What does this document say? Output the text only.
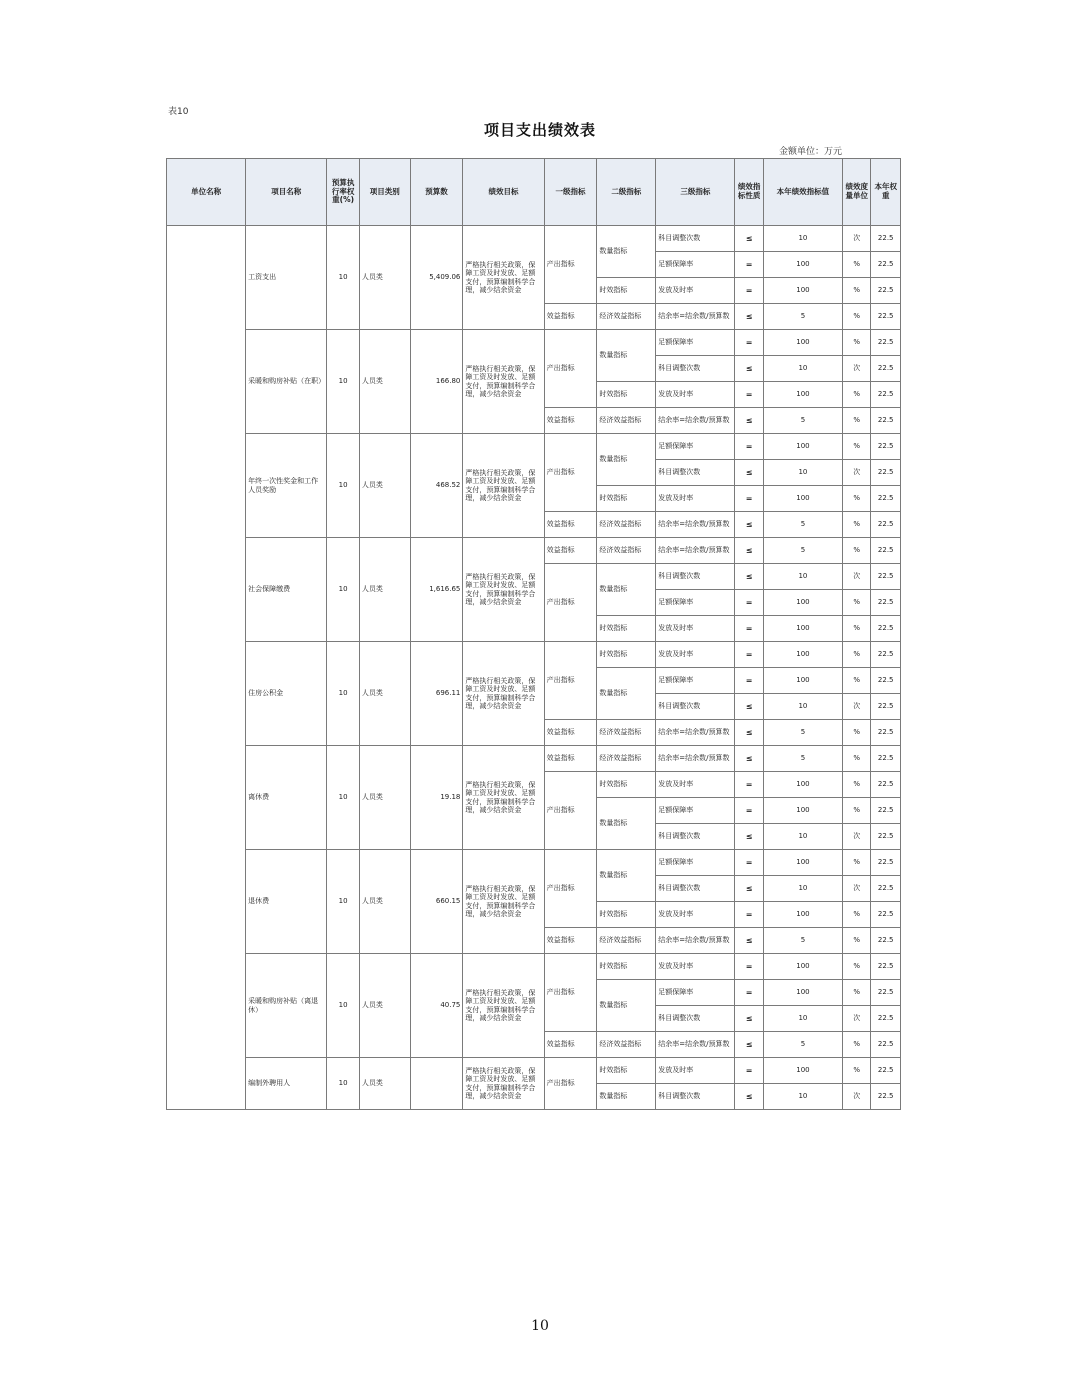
表10
项目支出绩效表
金额单位：万元
单位名称	项目名称	预算执行率权重(%)	项目类别	预算数	绩效目标	一级指标	二级指标	三级指标	绩效指标性质	本年绩效指标值	绩效度量单位	本年权重
	工资支出	10	人员类	5,409.06	严格执行相关政策，保障工资及时发放、足额支付，预算编制科学合理，减少结余资金	产出指标	数量指标	科目调整次数	≤	10	次	22.5
								足额保障率	=	100	%	22.5
							时效指标	发放及时率	=	100	%	22.5
						效益指标	经济效益指标	结余率=结余数/预算数	≤	5	%	22.5
	采暖和购房补贴（在职）	10	人员类	166.80	严格执行相关政策，保障工资及时发放、足额支付，预算编制科学合理，减少结余资金	产出指标	数量指标	足额保障率	=	100	%	22.5
								科目调整次数	≤	10	次	22.5
							时效指标	发放及时率	=	100	%	22.5
						效益指标	经济效益指标	结余率=结余数/预算数	≤	5	%	22.5
	年终一次性奖金和工作人员奖励	10	人员类	468.52	严格执行相关政策，保障工资及时发放、足额支付，预算编制科学合理，减少结余资金	产出指标	数量指标	足额保障率	=	100	%	22.5
								科目调整次数	≤	10	次	22.5
							时效指标	发放及时率	=	100	%	22.5
						效益指标	经济效益指标	结余率=结余数/预算数	≤	5	%	22.5
	社会保障缴费	10	人员类	1,616.65	严格执行相关政策，保障工资及时发放、足额支付，预算编制科学合理，减少结余资金	效益指标	经济效益指标	结余率=结余数/预算数	≤	5	%	22.5
						产出指标	数量指标	科目调整次数	≤	10	次	22.5
								足额保障率	=	100	%	22.5
							时效指标	发放及时率	=	100	%	22.5
	住房公积金	10	人员类	696.11	严格执行相关政策，保障工资及时发放、足额支付，预算编制科学合理，减少结余资金	产出指标	时效指标	发放及时率	=	100	%	22.5
							数量指标	足额保障率	=	100	%	22.5
								科目调整次数	≤	10	次	22.5
						效益指标	经济效益指标	结余率=结余数/预算数	≤	5	%	22.5
	离休费	10	人员类	19.18	严格执行相关政策，保障工资及时发放、足额支付，预算编制科学合理，减少结余资金	效益指标	经济效益指标	结余率=结余数/预算数	≤	5	%	22.5
						产出指标	时效指标	发放及时率	=	100	%	22.5
							数量指标	足额保障率	=	100	%	22.5
								科目调整次数	≤	10	次	22.5
	退休费	10	人员类	660.15	严格执行相关政策，保障工资及时发放、足额支付，预算编制科学合理，减少结余资金	产出指标	数量指标	足额保障率	=	100	%	22.5
								科目调整次数	≤	10	次	22.5
							时效指标	发放及时率	=	100	%	22.5
						效益指标	经济效益指标	结余率=结余数/预算数	≤	5	%	22.5
	采暖和购房补贴（离退休）	10	人员类	40.75	严格执行相关政策，保障工资及时发放、足额支付，预算编制科学合理，减少结余资金	产出指标	时效指标	发放及时率	=	100	%	22.5
							数量指标	足额保障率	=	100	%	22.5
								科目调整次数	≤	10	次	22.5
						效益指标	经济效益指标	结余率=结余数/预算数	≤	5	%	22.5
	编制外聘用人	10	人员类		严格执行相关政策，保障工资及时发放、足额支付，预算编制科学合理，减少结余资金	产出指标	时效指标	发放及时率	=	100	%	22.5
							数量指标	科目调整次数	≤	10	次	22.5
10
